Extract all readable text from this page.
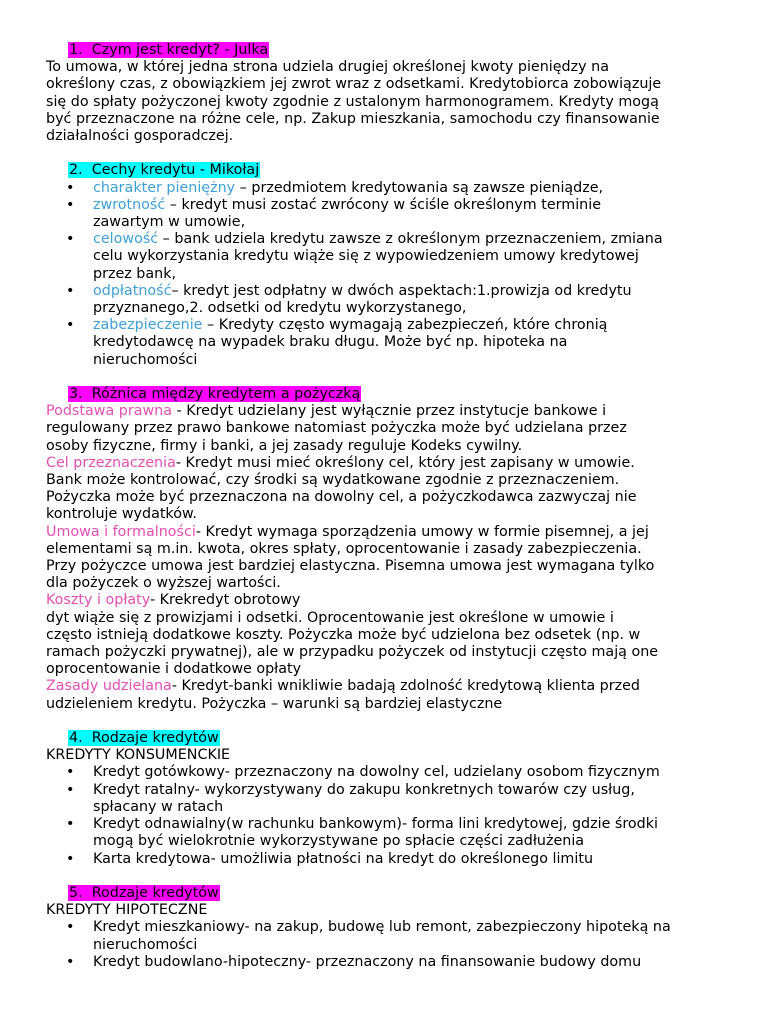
1. Czym jest kredyt? - Julka
To umowa, w której jedna strona udziela drugiej określonej kwoty pieniędzy na
określony czas, z obowiązkiem jej zwrot wraz z odsetkami. Kredytobiorca zobowiązuje
się do spłaty pożyczonej kwoty zgodnie z ustalonym harmonogramem. Kredyty mogą
być przeznaczone na różne cele, np. Zakup mieszkania, samochodu czy finansowanie
działalności gosporadczej.
2. Cechy kredytu - Mikołaj
• charakter pieniężny – przedmiotem kredytowania są zawsze pieniądze,
• zwrotność – kredyt musi zostać zwrócony w ściśle określonym terminie
zawartym w umowie,
• celowość – bank udziela kredytu zawsze z określonym przeznaczeniem, zmiana
celu wykorzystania kredytu wiąże się z wypowiedzeniem umowy kredytowej
przez bank,
• odpłatność– kredyt jest odpłatny w dwóch aspektach:1.prowizja od kredytu
przyznanego,2. odsetki od kredytu wykorzystanego,
• zabezpieczenie – Kredyty często wymagają zabezpieczeń, które chronią
kredytodawcę na wypadek braku długu. Może być np. hipoteka na
nieruchomości
3. Różnica między kredytem a pożyczką
Podstawa prawna - Kredyt udzielany jest wyłącznie przez instytucje bankowe i
regulowany przez prawo bankowe natomiast pożyczka może być udzielana przez
osoby fizyczne, firmy i banki, a jej zasady reguluje Kodeks cywilny.
Cel przeznaczenia- Kredyt musi mieć określony cel, który jest zapisany w umowie.
Bank może kontrolować, czy środki są wydatkowane zgodnie z przeznaczeniem.
Pożyczka może być przeznaczona na dowolny cel, a pożyczkodawca zazwyczaj nie
kontroluje wydatków.
Umowa i formalności- Kredyt wymaga sporządzenia umowy w formie pisemnej, a jej
elementami są m.in. kwota, okres spłaty, oprocentowanie i zasady zabezpieczenia.
Przy pożyczce umowa jest bardziej elastyczna. Pisemna umowa jest wymagana tylko
dla pożyczek o wyższej wartości.
Koszty i opłaty- Krekredyt obrotowy
dyt wiąże się z prowizjami i odsetki. Oprocentowanie jest określone w umowie i
często istnieją dodatkowe koszty. Pożyczka może być udzielona bez odsetek (np. w
ramach pożyczki prywatnej), ale w przypadku pożyczek od instytucji często mają one
oprocentowanie i dodatkowe opłaty
Zasady udzielana- Kredyt-banki wnikliwie badają zdolność kredytową klienta przed
udzieleniem kredytu. Pożyczka – warunki są bardziej elastyczne
4. Rodzaje kredytów
KREDYTY KONSUMENCKIE
• Kredyt gotówkowy- przeznaczony na dowolny cel, udzielany osobom fizycznym
• Kredyt ratalny- wykorzystywany do zakupu konkretnych towarów czy usług,
spłacany w ratach
• Kredyt odnawialny(w rachunku bankowym)- forma lini kredytowej, gdzie środki
mogą być wielokrotnie wykorzystywane po spłacie części zadłużenia
• Karta kredytowa- umożliwia płatności na kredyt do określonego limitu
5. Rodzaje kredytów
KREDYTY HIPOTECZNE
• Kredyt mieszkaniowy- na zakup, budowę lub remont, zabezpieczony hipoteką na
nieruchomości
• Kredyt budowlano-hipoteczny- przeznaczony na finansowanie budowy domu
